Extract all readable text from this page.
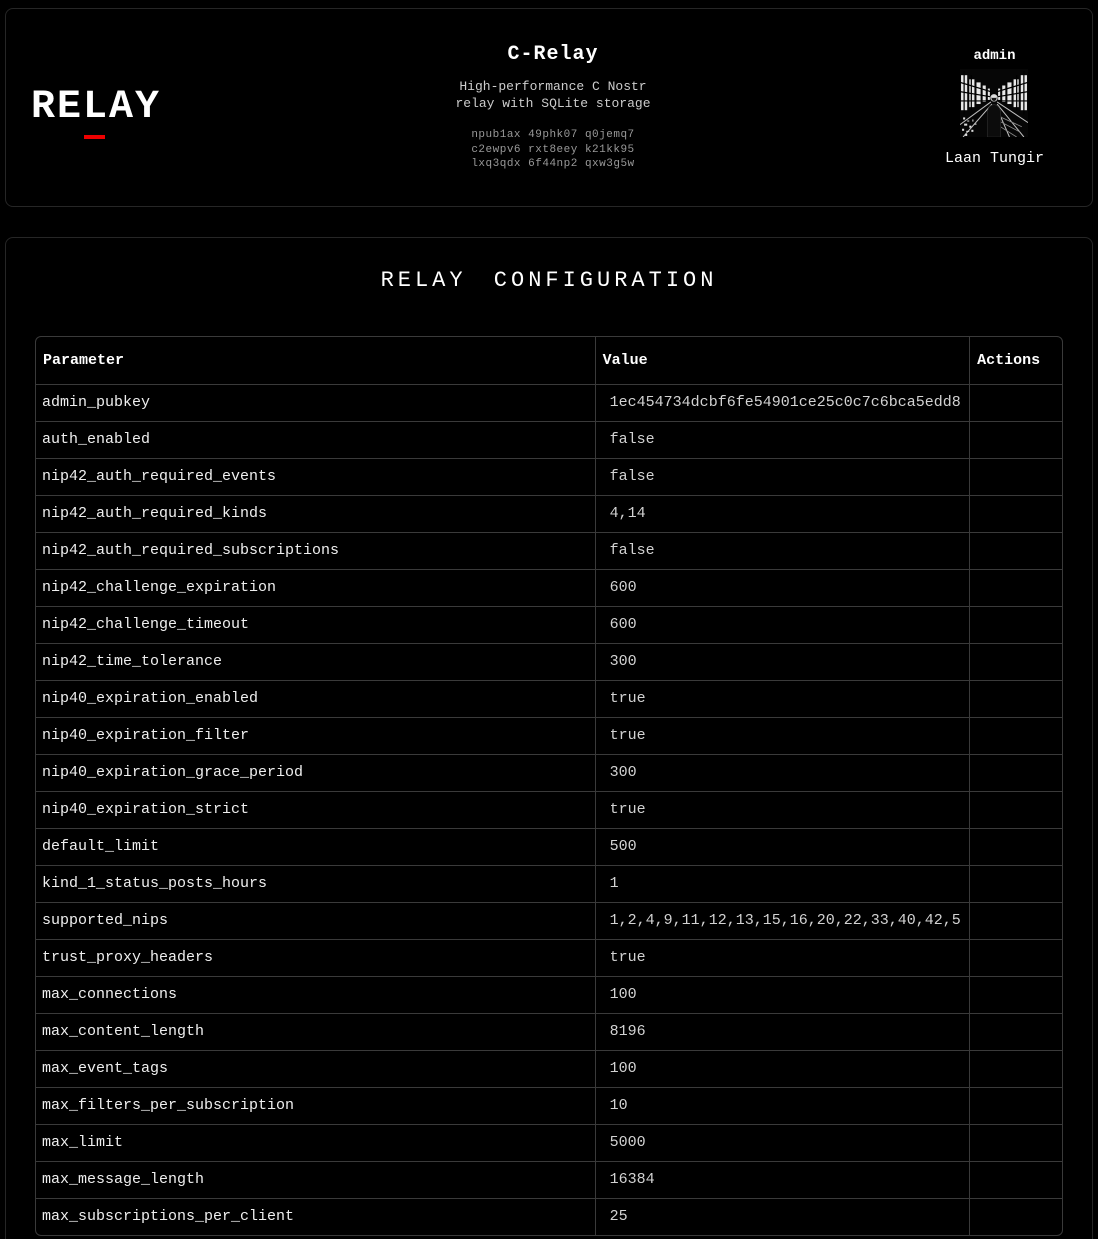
RELAY
C-Relay
High-performance C Nostr relay with SQLite storage
npub1ax 49phk07 q0jemq7
c2ewpv6 rxt8eey k21kk95
lxq3qdx 6f44np2 qxw3g5w
admin
Laan Tungir
RELAY CONFIGURATION
Parameter	Value	Actions
admin_pubkey	1ec454734dcbf6fe54901ce25c0c7c6bca5edd8	
auth_enabled	false	
nip42_auth_required_events	false	
nip42_auth_required_kinds	4,14	
nip42_auth_required_subscriptions	false	
nip42_challenge_expiration	600	
nip42_challenge_timeout	600	
nip42_time_tolerance	300	
nip40_expiration_enabled	true	
nip40_expiration_filter	true	
nip40_expiration_grace_period	300	
nip40_expiration_strict	true	
default_limit	500	
kind_1_status_posts_hours	1	
supported_nips	1,2,4,9,11,12,13,15,16,20,22,33,40,42,5	
trust_proxy_headers	true	
max_connections	100	
max_content_length	8196	
max_event_tags	100	
max_filters_per_subscription	10	
max_limit	5000	
max_message_length	16384	
max_subscriptions_per_client	25	
